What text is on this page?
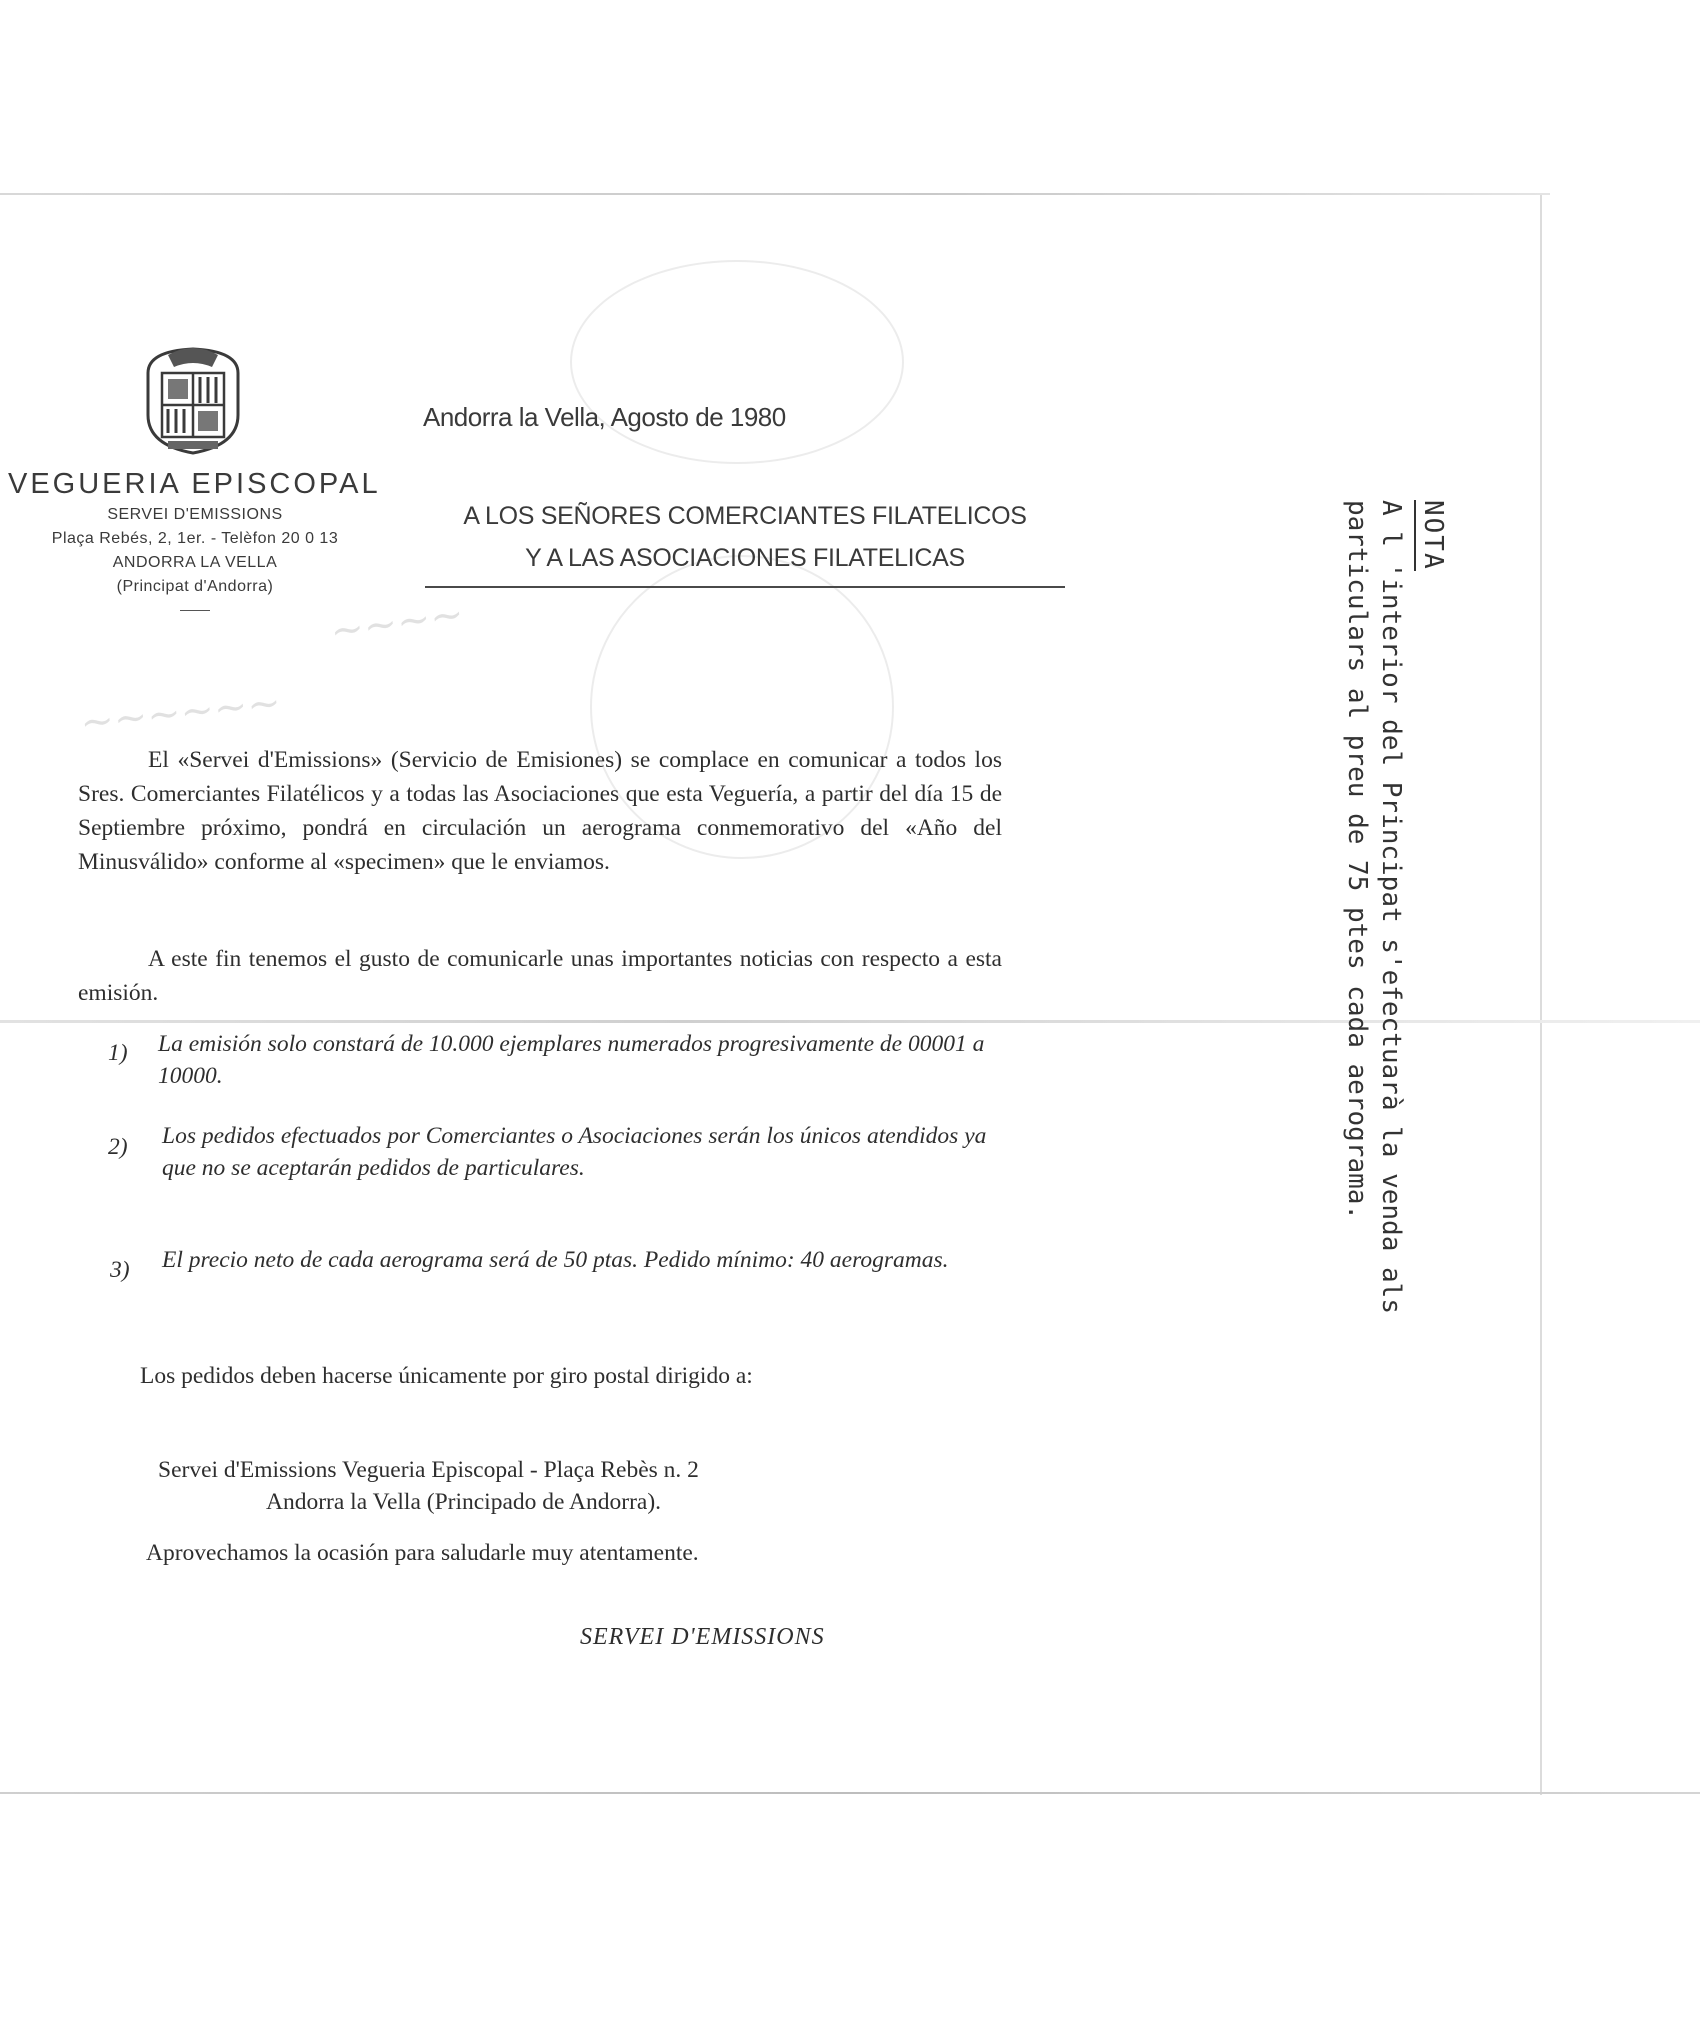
~~~~
~~~~~~
VEGUERIA EPISCOPAL
SERVEI D'EMISSIONS
Plaça Rebés, 2, 1er. - Telèfon 20 0 13
ANDORRA LA VELLA
(Principat d'Andorra)
Andorra la Vella, Agosto de 1980
A LOS SEÑORES COMERCIANTES FILATELICOS
Y A LAS ASOCIACIONES FILATELICAS
El «Servei d'Emissions» (Servicio de Emisiones) se complace en comunicar a todos los Sres. Comerciantes Filatélicos y a todas las Asociaciones que esta Veguería, a partir del día 15 de Septiembre próximo, pondrá en circulación un aerograma conmemorativo del «Año del Minusválido» conforme al «specimen» que le enviamos.
A este fin tenemos el gusto de comunicarle unas importantes noticias con respecto a esta emisión.
1) La emisión solo constará de 10.000 ejemplares numerados progresivamente de 00001 a 10000.
2) Los pedidos efectuados por Comerciantes o Asociaciones serán los únicos atendidos ya que no se aceptarán pedidos de particulares.
3) El precio neto de cada aerograma será de 50 ptas. Pedido mínimo: 40 aerogramas.
Los pedidos deben hacerse únicamente por giro postal dirigido a:
Servei d'Emissions Vegueria Episcopal - Plaça Rebès n. 2
Andorra la Vella (Principado de Andorra).
Aprovechamos la ocasión para saludarle muy atentamente.
SERVEI D'EMISSIONS
NOTA
A l 'interior del Principat s'efectuarà la venda als
particulars al preu de 75 ptes cada aerograma.
